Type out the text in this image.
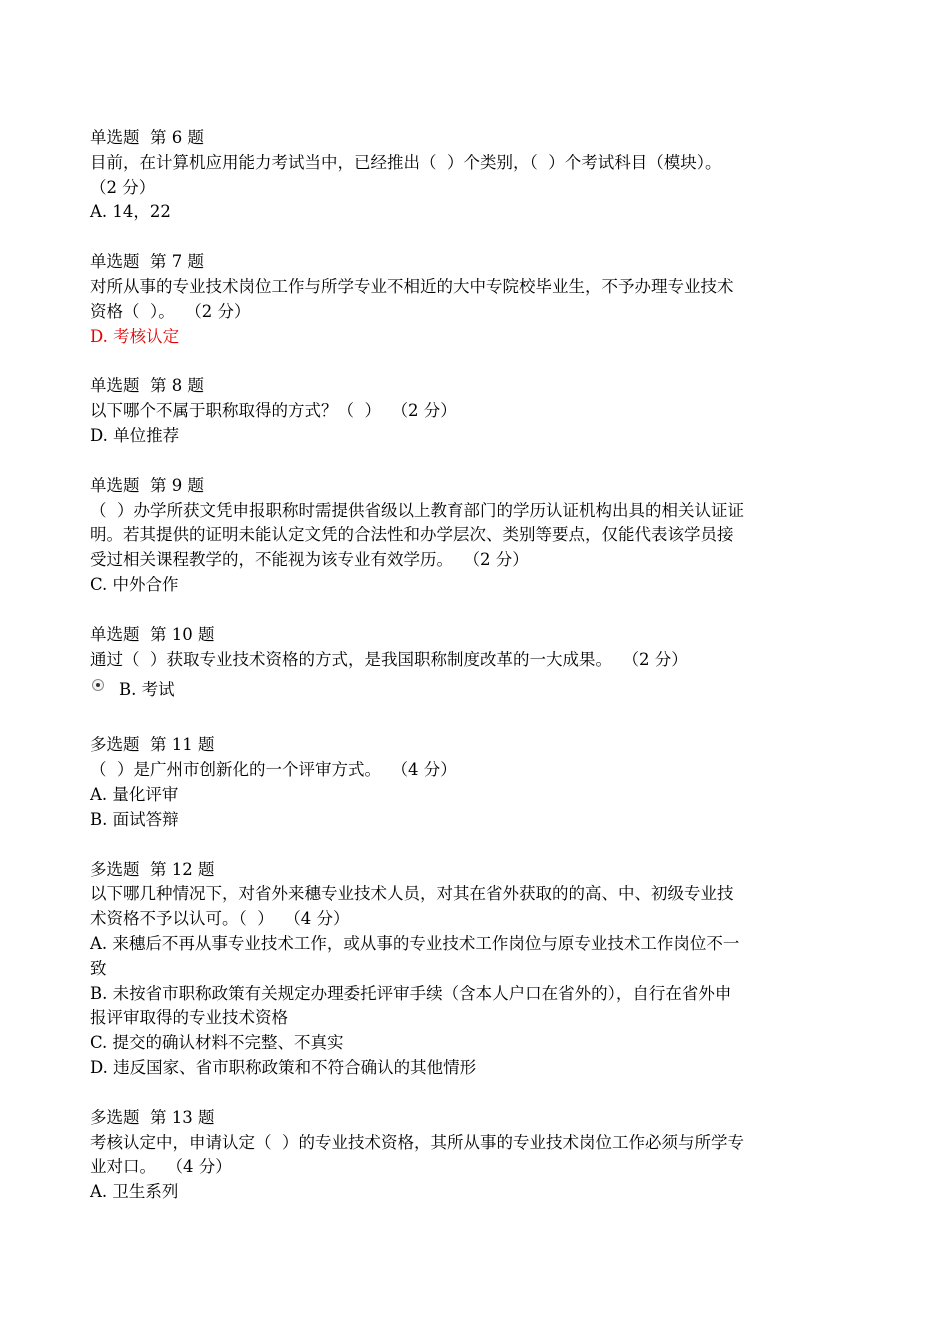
单选题  第 6 题
目前，在计算机应用能力考试当中，已经推出（  ）个类别，（  ）个考试科目（模块）。
（2 分）
A. 14，22
单选题  第 7 题
对所从事的专业技术岗位工作与所学专业不相近的大中专院校毕业生，不予办理专业技术
资格（  ）。  （2 分）
D. 考核认定
单选题  第 8 题
以下哪个不属于职称取得的方式？（  ）  （2 分）
D. 单位推荐
单选题  第 9 题
（  ）办学所获文凭申报职称时需提供省级以上教育部门的学历认证机构出具的相关认证证
明。若其提供的证明未能认定文凭的合法性和办学层次、类别等要点，仅能代表该学员接
受过相关课程教学的，不能视为该专业有效学历。  （2 分）
C. 中外合作
单选题  第 10 题
通过（  ）获取专业技术资格的方式，是我国职称制度改革的一大成果。  （2 分）
B. 考试
多选题  第 11 题
（  ）是广州市创新化的一个评审方式。  （4 分）
A. 量化评审
B. 面试答辩
多选题  第 12 题
以下哪几种情况下，对省外来穗专业技术人员，对其在省外获取的的高、中、初级专业技
术资格不予以认可。（  ）  （4 分）
A. 来穗后不再从事专业技术工作，或从事的专业技术工作岗位与原专业技术工作岗位不一
致
B. 未按省市职称政策有关规定办理委托评审手续（含本人户口在省外的），自行在省外申
报评审取得的专业技术资格
C. 提交的确认材料不完整、不真实
D. 违反国家、省市职称政策和不符合确认的其他情形
多选题  第 13 题
考核认定中，申请认定（  ）的专业技术资格，其所从事的专业技术岗位工作必须与所学专
业对口。  （4 分）
A. 卫生系列
